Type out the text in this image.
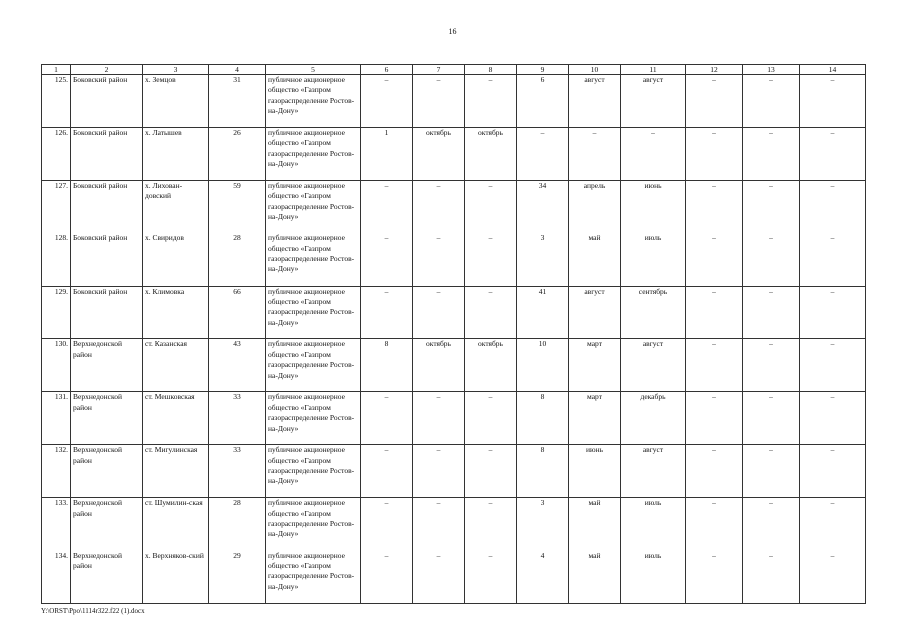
16
1	2	3	4	5	6	7	8	9	10	11	12	13	14
125.	Боковский район	х. Земцов	31	публичное акционерное общество «Газпром газораспределение Ростов-на-Дону»	–	–	–	6	август	август	–	–	–
126.	Боковский район	х. Латышев	26	публичное акционерное общество «Газпром газораспределение Ростов-на-Дону»	1	октябрь	октябрь	–	–	–	–	–	–
127.	Боковский район	х. Лихован-довский	59	публичное акционерное общество «Газпром газораспределение Ростов-на-Дону»	–	–	–	34	апрель	июнь	–	–	–
128.	Боковский район	х. Свиридов	28	публичное акционерное общество «Газпром газораспределение Ростов-на-Дону»	–	–	–	3	май	июль	–	–	–
129.	Боковский район	х. Климовка	66	публичное акционерное общество «Газпром газораспределение Ростов-на-Дону»	–	–	–	41	август	сентябрь	–	–	–
130.	Верхнедонской район	ст. Казанская	43	публичное акционерное общество «Газпром газораспределение Ростов-на-Дону»	8	октябрь	октябрь	10	март	август	–	–	–
131.	Верхнедонской район	ст. Мешковская	33	публичное акционерное общество «Газпром газораспределение Ростов-на-Дону»	–	–	–	8	март	декабрь	–	–	–
132.	Верхнедонской район	ст. Мигулинская	33	публичное акционерное общество «Газпром газораспределение Ростов-на-Дону»	–	–	–	8	июнь	август	–	–	–
133.	Верхнедонской район	ст. Шумилин-ская	28	публичное акционерное общество «Газпром газораспределение Ростов-на-Дону»	–	–	–	3	май	июль	–	–	–
134.	Верхнедонской район	х. Верхняков-ский	29	публичное акционерное общество «Газпром газораспределение Ростов-на-Дону»	–	–	–	4	май	июль	–	–	–
Y:\ORST\Ppo\1114r322.f22 (1).docx
